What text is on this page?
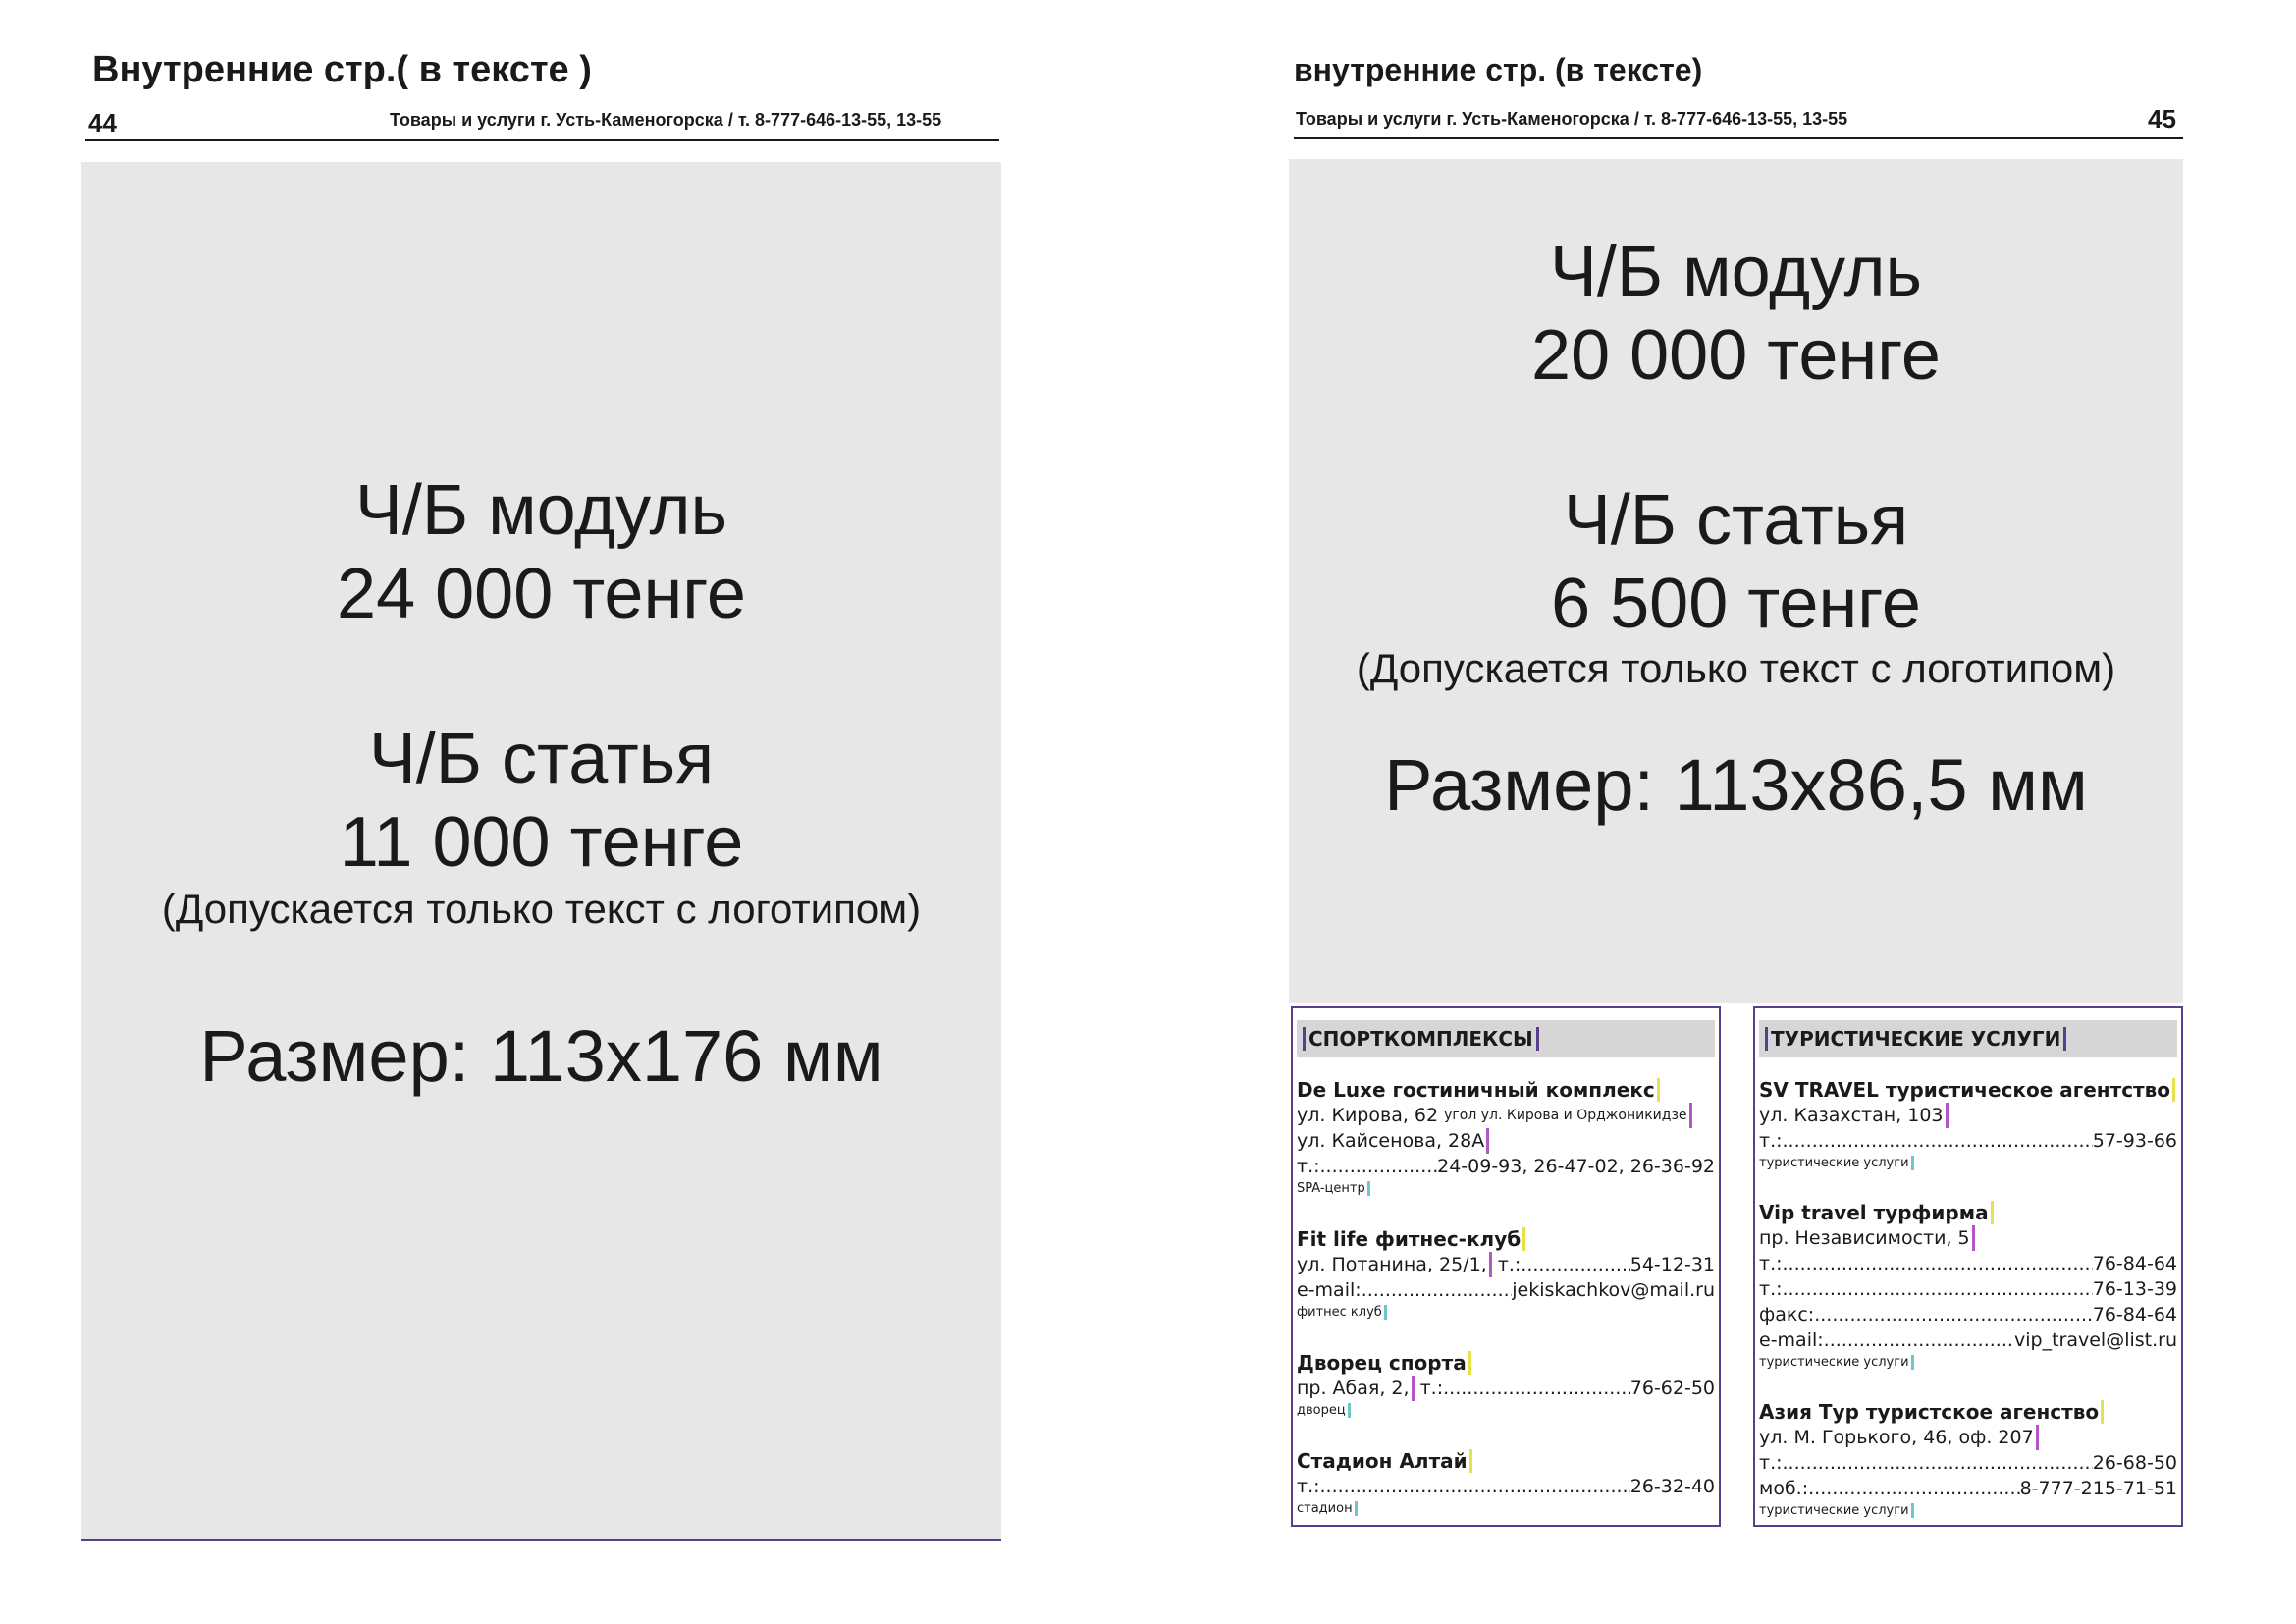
Внутренние стр.( в тексте )
44	Товары и услуги г. Усть-Каменогорска / т. 8-777-646-13-55, 13-55
Ч/Б модуль
24 000 тенге
Ч/Б статья
11 000 тенге
(Допускается только текст с логотипом)
Размер: 113х176 мм
внутренние стр. (в тексте)
Товары и услуги г. Усть-Каменогорска / т. 8-777-646-13-55, 13-55	45
Ч/Б модуль
20 000 тенге
Ч/Б статья
6 500 тенге
(Допускается только текст с логотипом)
Размер: 113х86,5 мм
СПОРТКОМПЛЕКСЫ
De Luxe гостиничный комплекс
ул. Кирова, 62
угол ул. Кирова и Орджоникидзе
ул. Кайсенова, 28А
т.: .....	24-09-93, 26-47-02, 26-36-92
SPA-центр
Fit life фитнес-клуб
ул. Потанина, 25/1,
т.: .....	54-12-31
e-mail: .....	jekiskachkov@mail.ru
фитнес клуб
Дворец спорта
пр. Абая, 2,
т.: .....	76-62-50
дворец
Стадион Алтай
т.: .....	26-32-40
стадион
ТУРИСТИЧЕСКИЕ УСЛУГИ
SV TRAVEL туристическое агентство
ул. Казахстан, 103
т.: .....	57-93-66
туристические услуги
Vip travel турфирма
пр. Независимости, 5
т.: .....	76-84-64
т.: .....	76-13-39
факс: .....	76-84-64
e-mail: .....	vip_travel@list.ru
туристические услуги
Азия Тур туристское агенство
ул. М. Горького, 46, оф. 207
т.: .....	26-68-50
моб.: .....	8-777-215-71-51
туристические услуги
